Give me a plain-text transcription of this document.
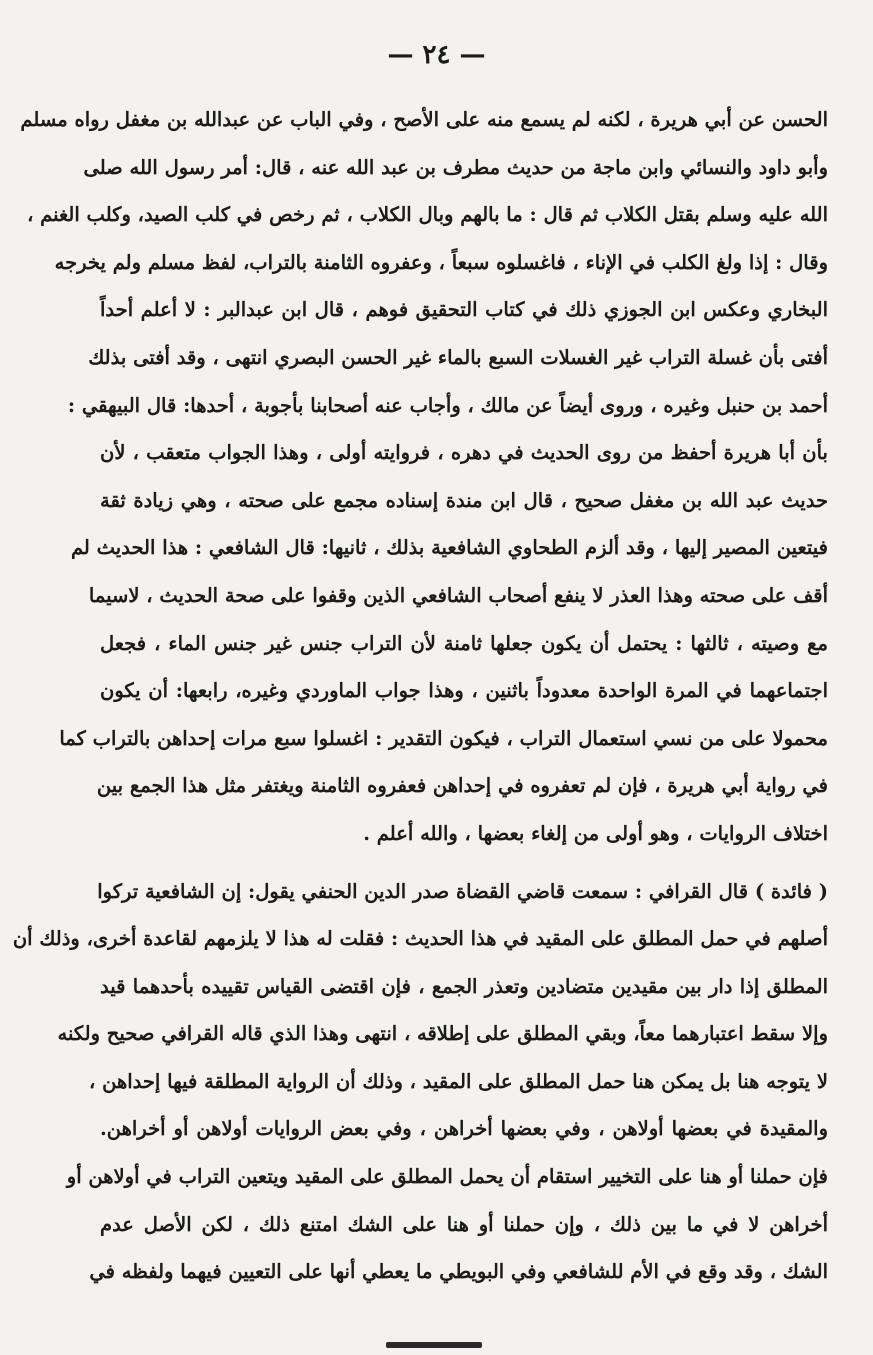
— ٢٤ —
الحسن عن أبي هريرة ، لكنه لم يسمع منه على الأصح ، وفي الباب عن عبدالله بن مغفل رواه مسلم
وأبو داود والنسائي وابن ماجة من حديث مطرف بن عبد الله عنه ، قال: أمر رسول الله صلى
الله عليه وسلم بقتل الكلاب ثم قال : ما بالهم وبال الكلاب ، ثم رخص في كلب الصيد، وكلب الغنم ،
وقال : إذا ولغ الكلب في الإناء ، فاغسلوه سبعاً ، وعفروه الثامنة بالتراب، لفظ مسلم ولم يخرجه
البخاري وعكس ابن الجوزي ذلك في كتاب التحقيق فوهم ، قال ابن عبدالبر : لا أعلم أحداً
أفتى بأن غسلة التراب غير الغسلات السبع بالماء غير الحسن البصري انتهى ، وقد أفتى بذلك
أحمد بن حنبل وغيره ، وروى أيضاً عن مالك ، وأجاب عنه أصحابنا بأجوبة ، أحدها: قال البيهقي :
بأن أبا هريرة أحفظ من روى الحديث في دهره ، فروايته أولى ، وهذا الجواب متعقب ، لأن
حديث عبد الله بن مغفل صحيح ، قال ابن مندة إسناده مجمع على صحته ، وهي زيادة ثقة
فيتعين المصير إليها ، وقد ألزم الطحاوي الشافعية بذلك ، ثانيها: قال الشافعي : هذا الحديث لم
أقف على صحته وهذا العذر لا ينفع أصحاب الشافعي الذين وقفوا على صحة الحديث ، لاسيما
مع وصيته ، ثالثها : يحتمل أن يكون جعلها ثامنة لأن التراب جنس غير جنس الماء ، فجعل
اجتماعهما في المرة الواحدة معدوداً باثنين ، وهذا جواب الماوردي وغيره، رابعها: أن يكون
محمولا على من نسي استعمال التراب ، فيكون التقدير : اغسلوا سبع مرات إحداهن بالتراب كما
في رواية أبي هريرة ، فإن لم تعفروه في إحداهن فعفروه الثامنة ويغتفر مثل هذا الجمع بين
اختلاف الروايات ، وهو أولى من إلغاء بعضها ، والله أعلم .
( فائدة ) قال القرافي : سمعت قاضي القضاة صدر الدين الحنفي يقول: إن الشافعية تركوا
أصلهم في حمل المطلق على المقيد في هذا الحديث : فقلت له هذا لا يلزمهم لقاعدة أخرى، وذلك أن
المطلق إذا دار بين مقيدين متضادين وتعذر الجمع ، فإن اقتضى القياس تقييده بأحدهما قيد
وإلا سقط اعتبارهما معاً، وبقي المطلق على إطلاقه ، انتهى وهذا الذي قاله القرافي صحيح ولكنه
لا يتوجه هنا بل يمكن هنا حمل المطلق على المقيد ، وذلك أن الرواية المطلقة فيها إحداهن ،
والمقيدة في بعضها أولاهن ، وفي بعضها أخراهن ، وفي بعض الروايات أولاهن أو أخراهن.
فإن حملنا أو هنا على التخيير استقام أن يحمل المطلق على المقيد ويتعين التراب في أولاهن أو
أخراهن لا في ما بين ذلك ، وإن حملنا أو هنا على الشك امتنع ذلك ، لكن الأصل عدم
الشك ، وقد وقع في الأم للشافعي وفي البويطي ما يعطي أنها على التعيين فيهما ولفظه في
